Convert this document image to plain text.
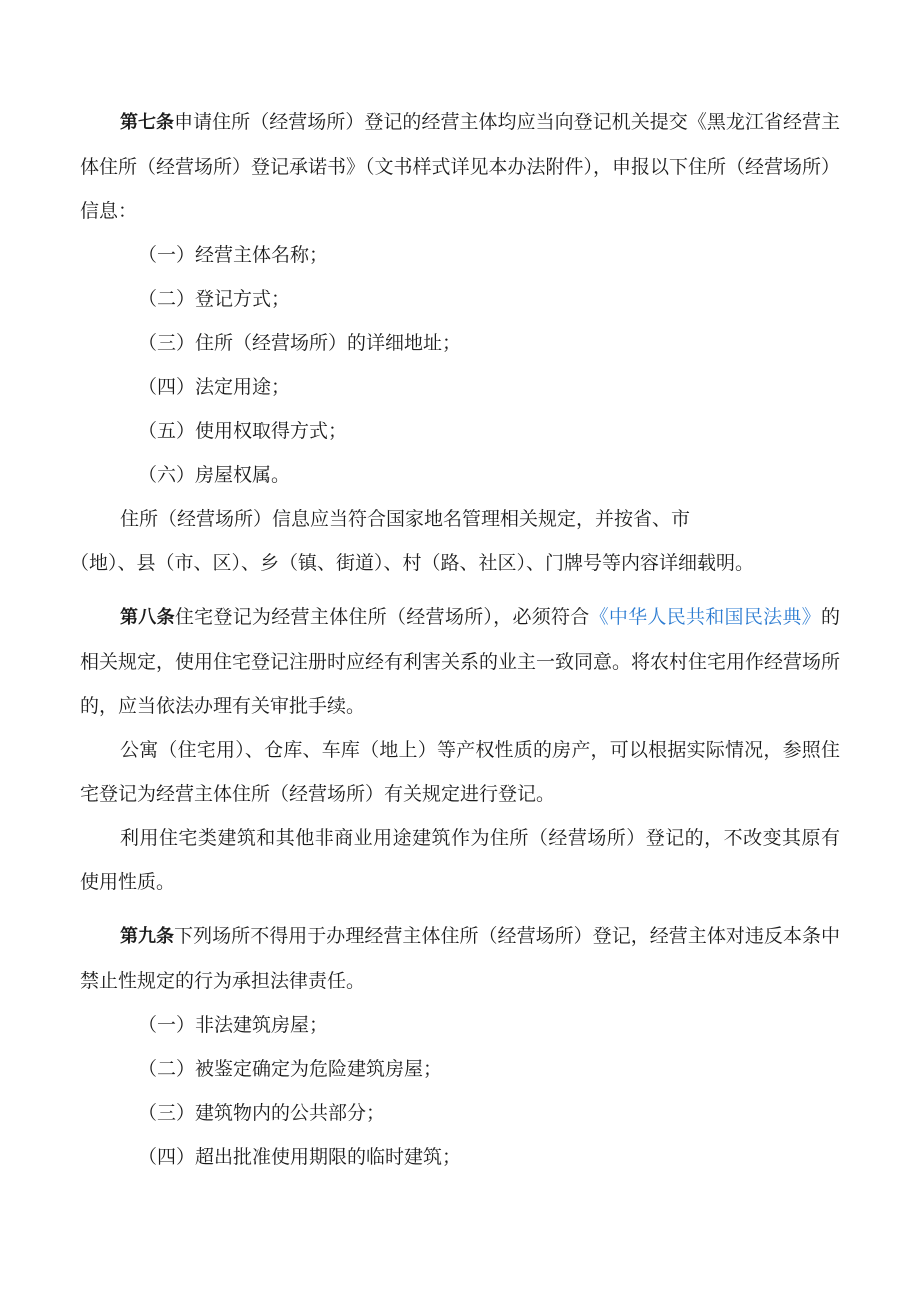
第七条申请住所（经营场所）登记的经营主体均应当向登记机关提交《黑龙江省经营主体住所（经营场所）登记承诺书》（文书样式详见本办法附件），申报以下住所（经营场所）信息：

（一）经营主体名称；

（二）登记方式；

（三）住所（经营场所）的详细地址；

（四）法定用途；

（五）使用权取得方式；

（六）房屋权属。

住所（经营场所）信息应当符合国家地名管理相关规定，并按省、市

（地）、县（市、区）、乡（镇、街道）、村（路、社区）、门牌号等内容详细载明。

第八条住宅登记为经营主体住所（经营场所），必须符合《中华人民共和国民法典》的相关规定，使用住宅登记注册时应经有利害关系的业主一致同意。将农村住宅用作经营场所的，应当依法办理有关审批手续。

公寓（住宅用）、仓库、车库（地上）等产权性质的房产，可以根据实际情况，参照住宅登记为经营主体住所（经营场所）有关规定进行登记。

利用住宅类建筑和其他非商业用途建筑作为住所（经营场所）登记的，不改变其原有使用性质。

第九条下列场所不得用于办理经营主体住所（经营场所）登记，经营主体对违反本条中禁止性规定的行为承担法律责任。

（一）非法建筑房屋；

（二）被鉴定确定为危险建筑房屋；

（三）建筑物内的公共部分；

（四）超出批准使用期限的临时建筑；
